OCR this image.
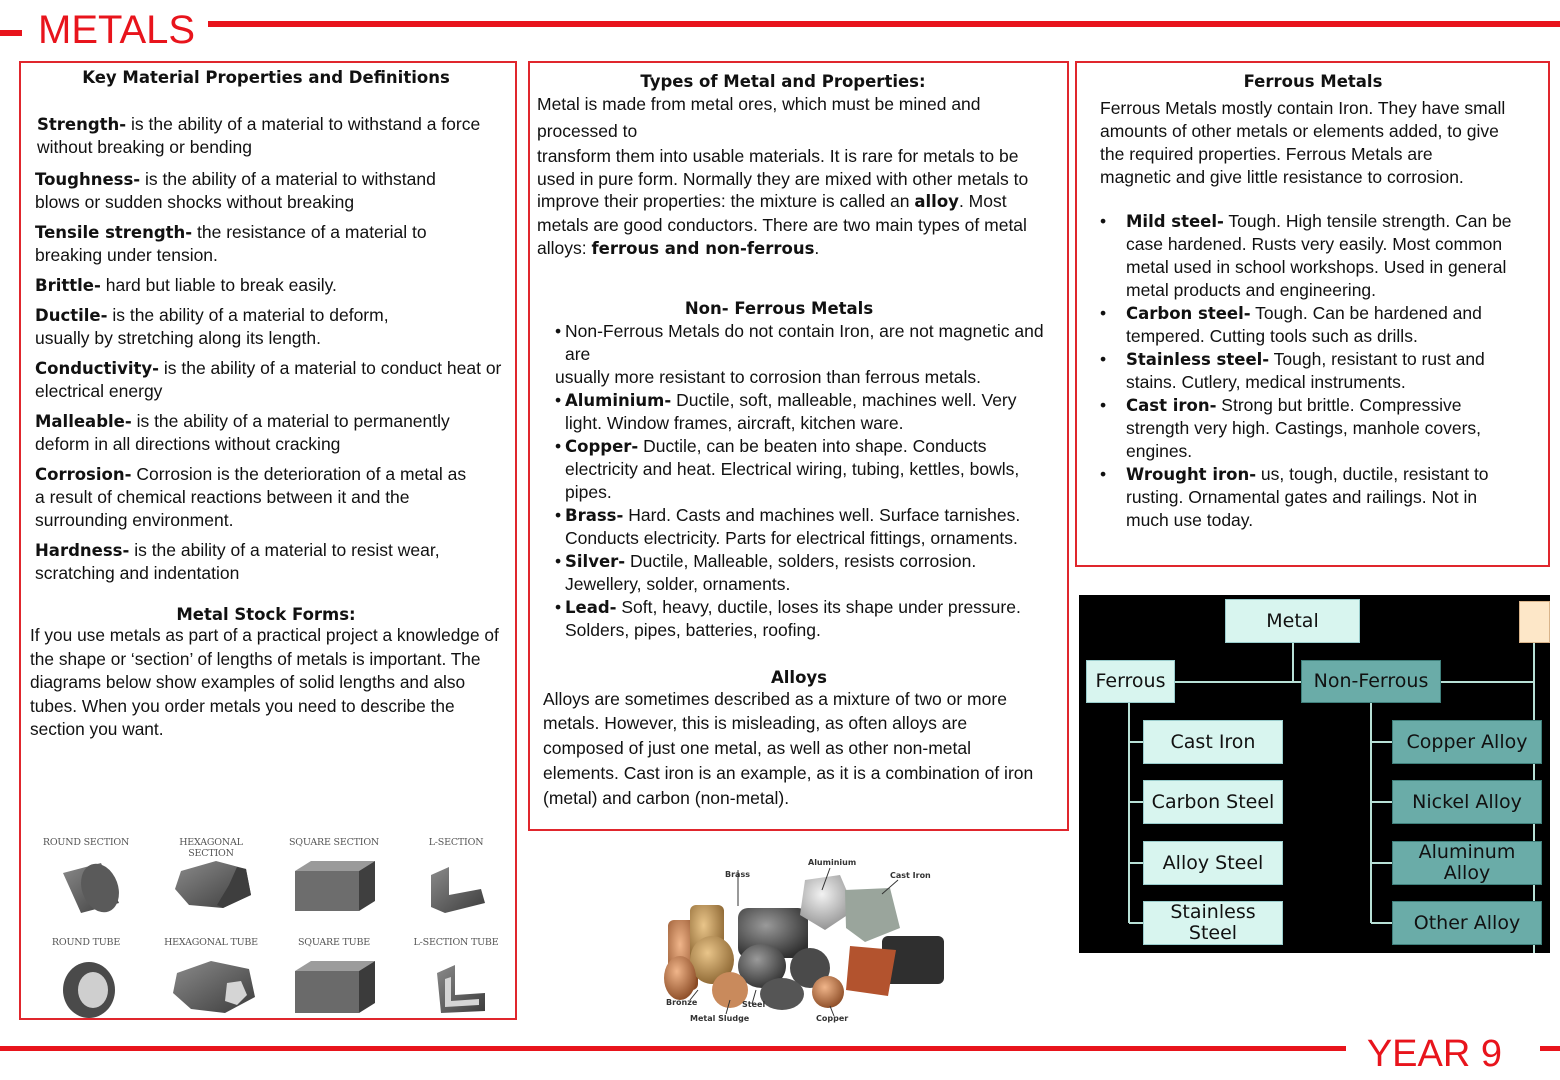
METALS
YEAR 9
Key Material Properties and Definitions
Strength- is the ability of a material to withstand a force without breaking or bending
Toughness- is the ability of a material to withstand blows or sudden shocks without breaking
Tensile strength- the resistance of a material to breaking under tension.
Brittle- hard but liable to break easily.
Ductile- is the ability of a material to deform, usually by stretching along its length.
Conductivity- is the ability of a material to conduct heat or electrical energy
Malleable- is the ability of a material to permanently deform in all directions without cracking
Corrosion- Corrosion is the deterioration of a metal as a result of chemical reactions between it and the surrounding environment.
Hardness- is the ability of a material to resist wear, scratching and indentation
Metal Stock Forms:
If you use metals as part of a practical project a knowledge of the shape or ‘section’ of lengths of metals is important. The diagrams below show examples of solid lengths and also tubes. When you order metals you need to describe the section you want.
ROUND SECTION	HEXAGONAL SECTION
SQUARE SECTION	L-SECTION
ROUND TUBE	HEXAGONAL TUBE	SQUARE TUBE	L-SECTION TUBE
Types of Metal and Properties:
Metal is made from metal ores, which must be mined and processed to
transform them into usable materials. It is rare for metals to be used in pure form. Normally they are mixed with other metals to improve their properties: the mixture is called an alloy. Most metals are good conductors. There are two main types of metal alloys: ferrous and non-ferrous.
Non- Ferrous Metals
• Non-Ferrous Metals do not contain Iron, are not magnetic and are
usually more resistant to corrosion than ferrous metals.
• Aluminium- Ductile, soft, malleable, machines well. Very light. Window frames, aircraft, kitchen ware.
• Copper- Ductile, can be beaten into shape. Conducts electricity and heat. Electrical wiring, tubing, kettles, bowls, pipes.
• Brass- Hard. Casts and machines well. Surface tarnishes. Conducts electricity. Parts for electrical fittings, ornaments.
• Silver- Ductile, Malleable, solders, resists corrosion. Jewellery, solder, ornaments.
• Lead- Soft, heavy, ductile, loses its shape under pressure. Solders, pipes, batteries, roofing.
Alloys
Alloys are sometimes described as a mixture of two or more metals. However, this is misleading, as often alloys are composed of just one metal, as well as other non-metal elements. Cast iron is an example, as it is a combination of iron (metal) and carbon (non-metal).
Brass
Aluminium
Cast Iron
Bronze	Steel
Metal Sludge	Copper
Ferrous Metals
Ferrous Metals mostly contain Iron. They have small amounts of other metals or elements added, to give the required properties. Ferrous Metals are magnetic and give little resistance to corrosion.
• Mild steel- Tough. High tensile strength. Can be case hardened. Rusts very easily. Most common metal used in school workshops. Used in general metal products and engineering.
• Carbon steel- Tough. Can be hardened and tempered. Cutting tools such as drills.
• Stainless steel- Tough, resistant to rust and stains. Cutlery, medical instruments.
• Cast iron- Strong but brittle. Compressive strength very high. Castings, manhole covers, engines.
• Wrought iron- us, tough, ductile, resistant to rusting. Ornamental gates and railings. Not in much use today.
Metal
Ferrous	Non-Ferrous
Cast Iron
Carbon Steel
Alloy Steel
Stainless Steel
Copper Alloy
Nickel Alloy
Aluminum Alloy
Other Alloy
